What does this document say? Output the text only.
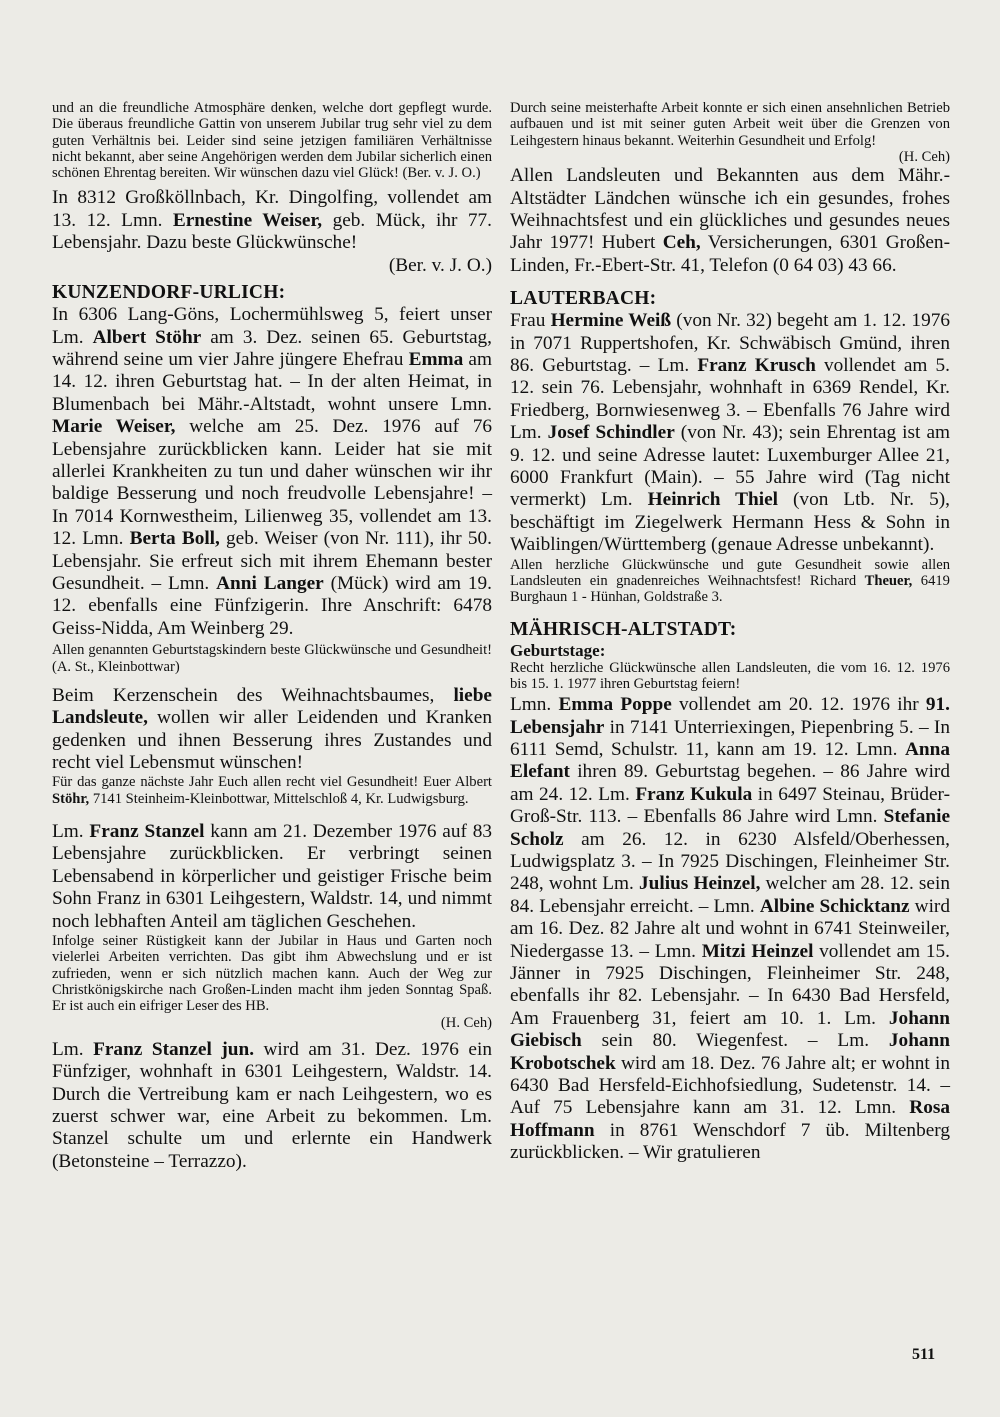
und an die freundliche Atmosphäre denken, welche dort gepflegt wurde. Die überaus freundliche Gattin von unserem Jubilar trug sehr viel zu dem guten Verhältnis bei. Leider sind seine jetzigen familiären Verhältnisse nicht bekannt, aber seine Angehörigen werden dem Jubilar sicherlich einen schönen Ehrentag bereiten. Wir wünschen dazu viel Glück! (Ber. v. J. O.)

In 8312 Großköllnbach, Kr. Dingolfing, vollendet am 13. 12. Lmn. Ernestine Weiser, geb. Mück, ihr 77. Lebensjahr. Dazu beste Glückwünsche!

(Ber. v. J. O.)
KUNZENDORF-URLICH:

In 6306 Lang-Göns, Lochermühlsweg 5, feiert unser Lm. Albert Stöhr am 3. Dez. seinen 65. Geburtstag, während seine um vier Jahre jüngere Ehefrau Emma am 14. 12. ihren Geburtstag hat. – In der alten Heimat, in Blumenbach bei Mähr.-Altstadt, wohnt unsere Lmn. Marie Weiser, welche am 25. Dez. 1976 auf 76 Lebensjahre zurückblicken kann. Leider hat sie mit allerlei Krankheiten zu tun und daher wünschen wir ihr baldige Besserung und noch freudvolle Lebensjahre! – In 7014 Kornwestheim, Lilienweg 35, vollendet am 13. 12. Lmn. Berta Boll, geb. Weiser (von Nr. 111), ihr 50. Lebensjahr. Sie erfreut sich mit ihrem Ehemann bester Gesundheit. – Lmn. Anni Langer (Mück) wird am 19. 12. ebenfalls eine Fünfzigerin. Ihre Anschrift: 6478 Geiss-Nidda, Am Weinberg 29.

Allen genannten Geburtstagskindern beste Glückwünsche und Gesundheit! (A. St., Kleinbottwar)

Beim Kerzenschein des Weihnachtsbaumes, liebe Landsleute, wollen wir aller Leidenden und Kranken gedenken und ihnen Besserung ihres Zustandes und recht viel Lebensmut wünschen!

Für das ganze nächste Jahr Euch allen recht viel Gesundheit! Euer Albert Stöhr, 7141 Steinheim-Kleinbottwar, Mittelschloß 4, Kr. Ludwigsburg.

Lm. Franz Stanzel kann am 21. Dezember 1976 auf 83 Lebensjahre zurückblicken. Er verbringt seinen Lebensabend in körperlicher und geistiger Frische beim Sohn Franz in 6301 Leihgestern, Waldstr. 14, und nimmt noch lebhaften Anteil am täglichen Geschehen.

Infolge seiner Rüstigkeit kann der Jubilar in Haus und Garten noch vielerlei Arbeiten verrichten. Das gibt ihm Abwechslung und er ist zufrieden, wenn er sich nützlich machen kann. Auch der Weg zur Christkönigskirche nach Großen-Linden macht ihm jeden Sonntag Spaß. Er ist auch ein eifriger Leser des HB.

(H. Ceh)

Lm. Franz Stanzel jun. wird am 31. Dez. 1976 ein Fünfziger, wohnhaft in 6301 Leihgestern, Waldstr. 14. Durch die Vertreibung kam er nach Leihgestern, wo es zuerst schwer war, eine Arbeit zu bekommen. Lm. Stanzel schulte um und erlernte ein Handwerk (Betonsteine – Terrazzo).

Durch seine meisterhafte Arbeit konnte er sich einen ansehnlichen Betrieb aufbauen und ist mit seiner guten Arbeit weit über die Grenzen von Leihgestern hinaus bekannt. Weiterhin Gesundheit und Erfolg!

(H. Ceh)

Allen Landsleuten und Bekannten aus dem Mähr.-Altstädter Ländchen wünsche ich ein gesundes, frohes Weihnachtsfest und ein glückliches und gesundes neues Jahr 1977! Hubert Ceh, Versicherungen, 6301 Großen-Linden, Fr.-Ebert-Str. 41, Telefon (0 64 03) 43 66.

LAUTERBACH:

Frau Hermine Weiß (von Nr. 32) begeht am 1. 12. 1976 in 7071 Ruppertshofen, Kr. Schwäbisch Gmünd, ihren 86. Geburtstag. – Lm. Franz Krusch vollendet am 5. 12. sein 76. Lebensjahr, wohnhaft in 6369 Rendel, Kr. Friedberg, Bornwiesenweg 3. – Ebenfalls 76 Jahre wird Lm. Josef Schindler (von Nr. 43); sein Ehrentag ist am 9. 12. und seine Adresse lautet: Luxemburger Allee 21, 6000 Frankfurt (Main). – 55 Jahre wird (Tag nicht vermerkt) Lm. Heinrich Thiel (von Ltb. Nr. 5), beschäftigt im Ziegelwerk Hermann Hess & Sohn in Waiblingen/Württemberg (genaue Adresse unbekannt).

Allen herzliche Glückwünsche und gute Gesundheit sowie allen Landsleuten ein gnadenreiches Weihnachtsfest! Richard Theuer, 6419 Burghaun 1 - Hünhan, Goldstraße 3.

MÄHRISCH-ALTSTADT:
Geburtstage:

Recht herzliche Glückwünsche allen Landsleuten, die vom 16. 12. 1976 bis 15. 1. 1977 ihren Geburtstag feiern!

Lmn. Emma Poppe vollendet am 20. 12. 1976 ihr 91. Lebensjahr in 7141 Unterriexingen, Piepenbring 5. – In 6111 Semd, Schulstr. 11, kann am 19. 12. Lmn. Anna Elefant ihren 89. Geburtstag begehen. – 86 Jahre wird am 24. 12. Lm. Franz Kukula in 6497 Steinau, Brüder-Groß-Str. 113. – Ebenfalls 86 Jahre wird Lmn. Stefanie Scholz am 26. 12. in 6230 Alsfeld/Oberhessen, Ludwigsplatz 3. – In 7925 Dischingen, Fleinheimer Str. 248, wohnt Lm. Julius Heinzel, welcher am 28. 12. sein 84. Lebensjahr erreicht. – Lmn. Albine Schicktanz wird am 16. Dez. 82 Jahre alt und wohnt in 6741 Steinweiler, Niedergasse 13. – Lmn. Mitzi Heinzel vollendet am 15. Jänner in 7925 Dischingen, Fleinheimer Str. 248, ebenfalls ihr 82. Lebensjahr. – In 6430 Bad Hersfeld, Am Frauenberg 31, feiert am 10. 1. Lm. Johann Giebisch sein 80. Wiegenfest. – Lm. Johann Krobotschek wird am 18. Dez. 76 Jahre alt; er wohnt in 6430 Bad Hersfeld-Eichhofsiedlung, Sudetenstr. 14. – Auf 75 Lebensjahre kann am 31. 12. Lmn. Rosa Hoffmann in 8761 Wenschdorf 7 üb. Miltenberg zurückblicken. – Wir gratulieren

511
